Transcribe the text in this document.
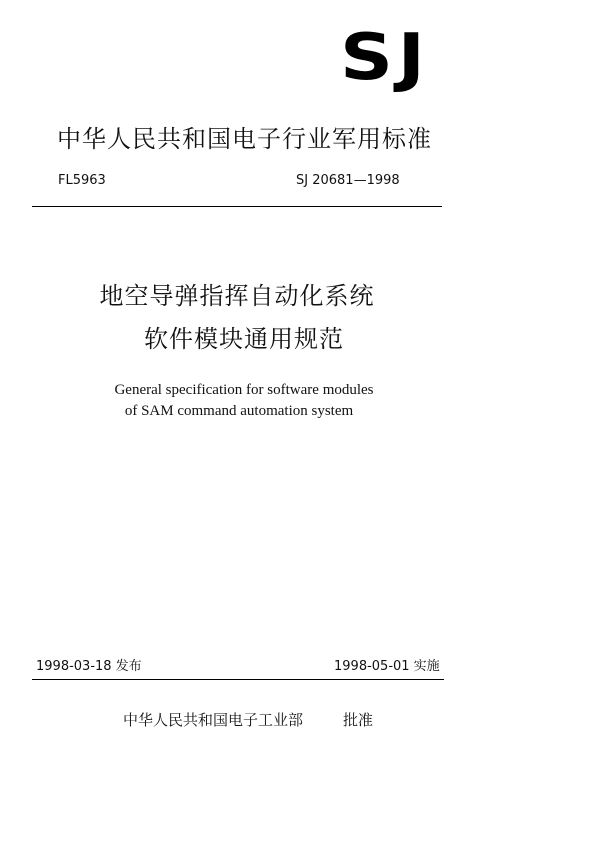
SJ
中华人民共和国电子行业军用标准
FL5963	SJ 20681—1998
地空导弹指挥自动化系统
软件模块通用规范
General specification for software modules
of SAM command automation system
1998-03-18 发布	1998-05-01 实施
中华人民共和国电子工业部	批准
